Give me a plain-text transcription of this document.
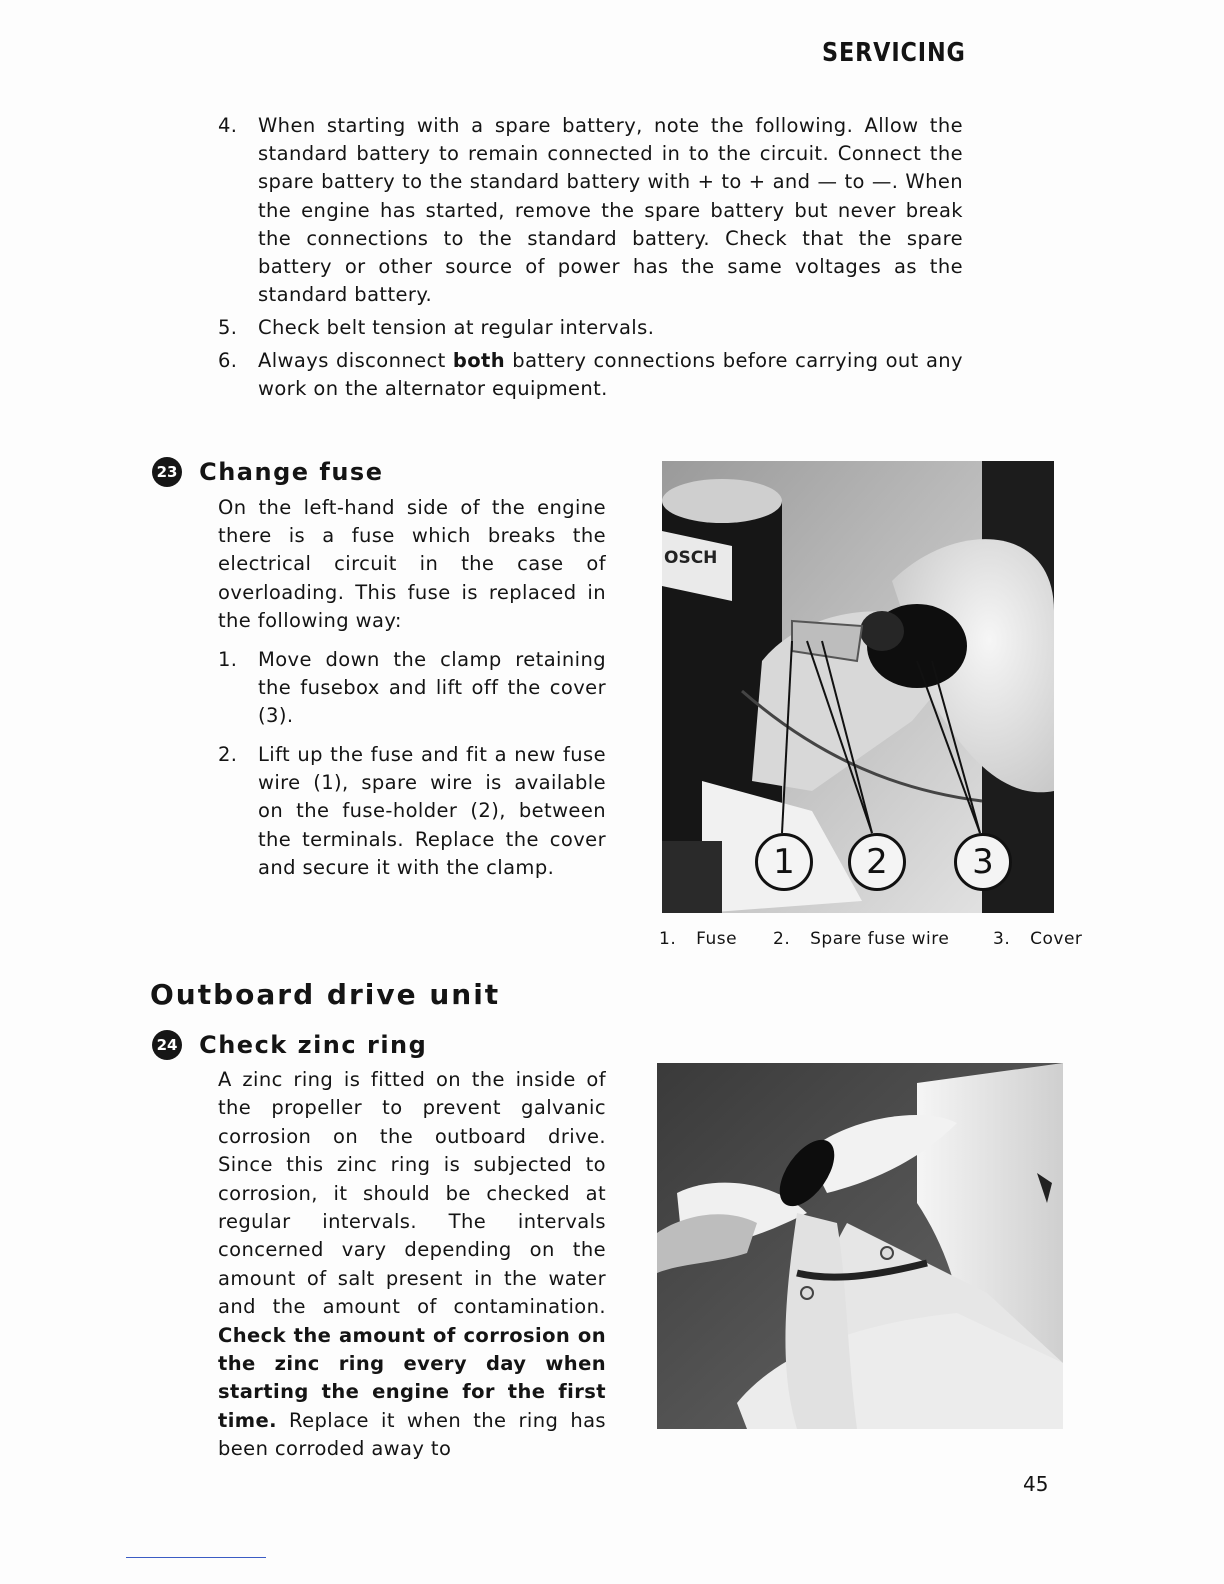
SERVICING
4. When starting with a spare battery, note the following. Allow the standard battery to remain connected in to the circuit. Connect the spare battery to the standard battery with + to + and — to —. When the engine has started, remove the spare battery but never break the connections to the standard battery. Check that the spare battery or other source of power has the same voltages as the standard battery.
5. Check belt tension at regular intervals.
6. Always disconnect both battery connections before carrying out any work on the alternator equipment.
23 Change fuse
On the left-hand side of the engine there is a fuse which breaks the electrical circuit in the case of overloading. This fuse is replaced in the following way:
1. Move down the clamp retaining the fusebox and lift off the cover (3).
2. Lift up the fuse and fit a new fuse wire (1), spare wire is available on the fuse-holder (2), between the terminals. Replace the cover and secure it with the clamp.
OSCH
1	2	3
1. Fuse 2. Spare fuse wire	3. Cover
Outboard drive unit
24 Check zinc ring
A zinc ring is fitted on the inside of the propeller to prevent galvanic corrosion on the outboard drive. Since this zinc ring is subjected to corrosion, it should be checked at regular intervals. The intervals concerned vary depending on the amount of salt present in the water and the amount of contamination. Check the amount of corrosion on the zinc ring every day when starting the engine for the first time. Replace it when the ring has been corroded away to
45
